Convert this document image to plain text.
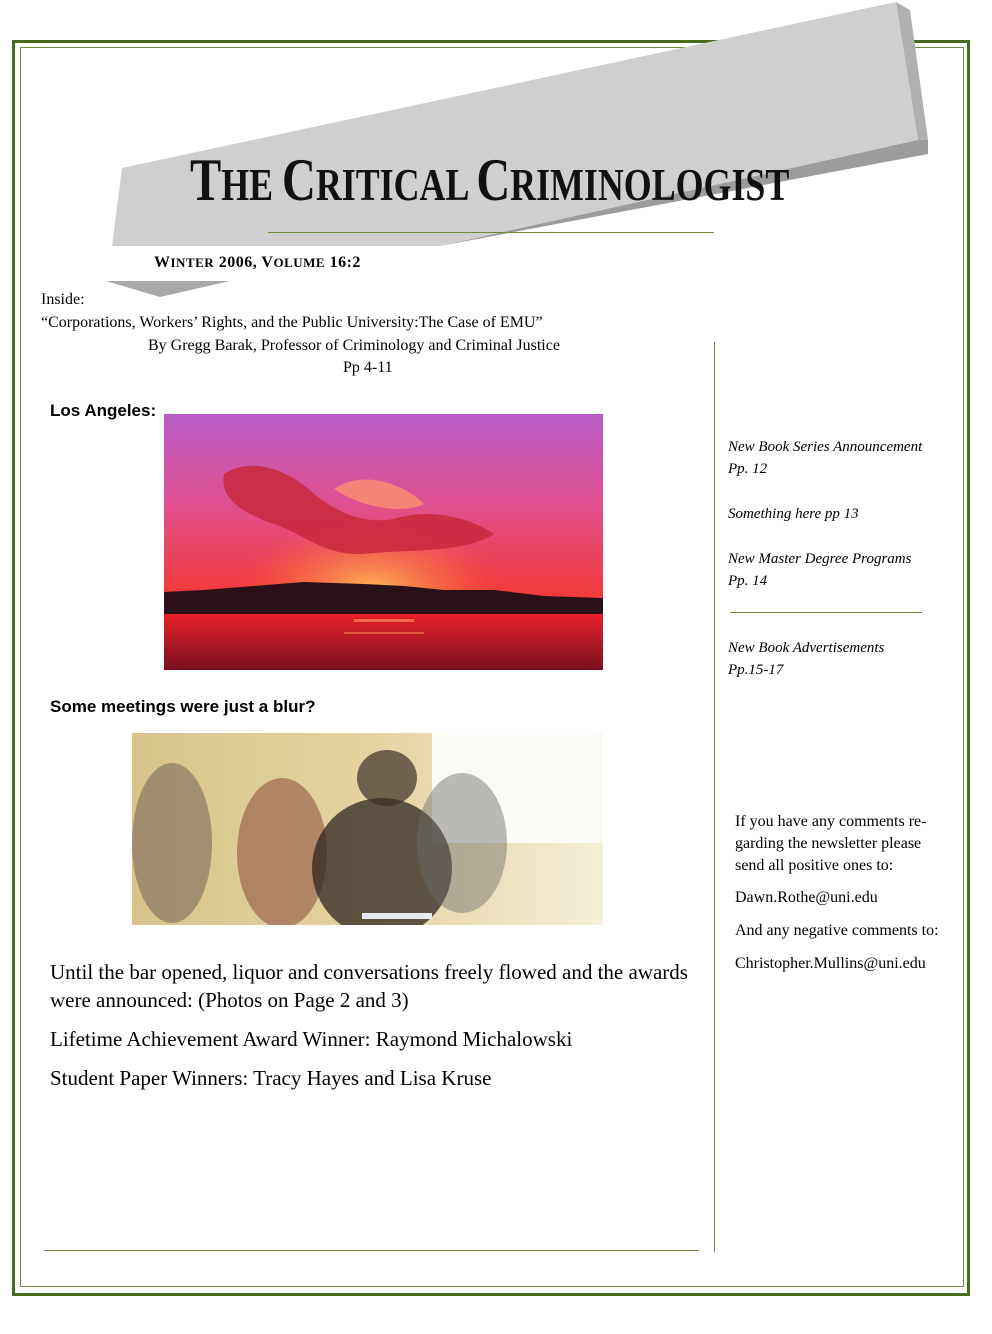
THE CRITICAL CRIMINOLOGIST
WINTER 2006, VOLUME 16:2
Inside:
“Corporations, Workers’ Rights, and the Public University:The Case of EMU”
By Gregg Barak, Professor of Criminology and Criminal Justice
Pp 4-11
Los Angeles:
Some meetings were just a blur?
Until the bar opened, liquor and conversations freely flowed and the awards were announced: (Photos on Page 2 and 3)
Lifetime Achievement Award Winner: Raymond Michalowski
Student Paper Winners: Tracy Hayes and Lisa Kruse
New Book Series Announcement
Pp. 12
Something here pp 13
New Master Degree Programs
Pp. 14
New Book Advertisements
Pp.15-17
If you have any comments re-garding the newsletter please send all positive ones to:
Dawn.Rothe@uni.edu
And any negative comments to:
Christopher.Mullins@uni.edu
